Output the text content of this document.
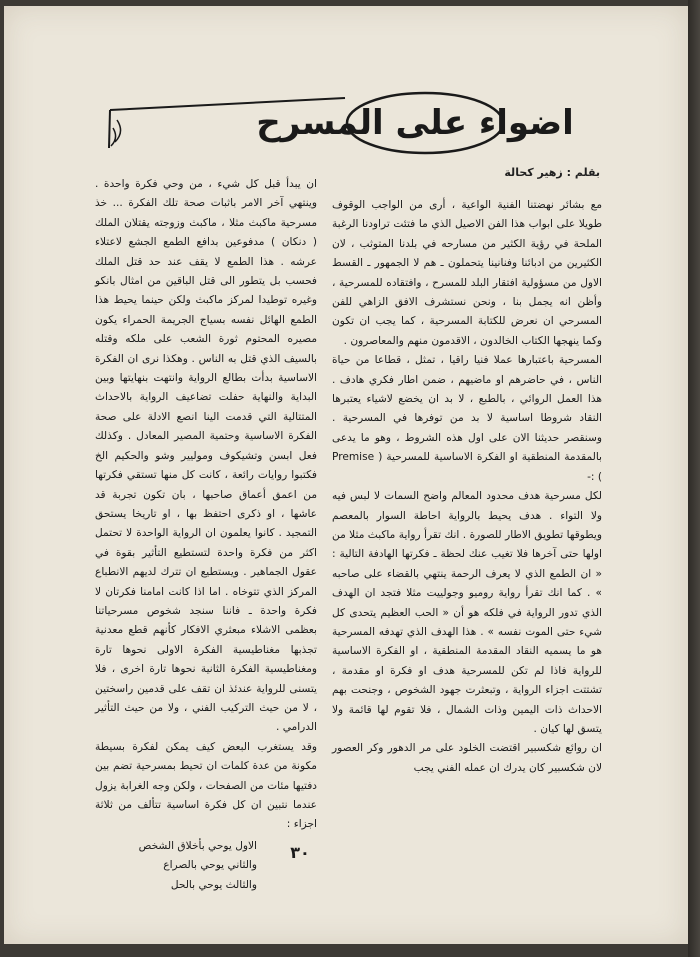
اضواء على المسرح
بقلم : زهير كحالة

مع بشائر نهضتنا الفنية الواعية ، أرى من الواجب الوقوف طويلا على ابواب هذا الفن الاصيل الذي ما فتئت تراودنا الرغبة الملحة في رؤية الكثير من مسارحه في بلدنا المتوثب ، لان الكثيرين من ادبائنا وفنانينا يتحملون ـ هم لا الجمهور ـ القسط الاول من مسؤولية افتقار البلد للمسرح ، وافتقاده للمسرحية ، وأظن انه يجمل بنا ، ونحن نستشرف الافق الزاهي للفن المسرحي ان نعرض للكتابة المسرحية ، كما يجب ان تكون وكما ينهجها الكتاب الخالدون ، الاقدمون منهم والمعاصرون .

المسرحية باعتبارها عملا فنيا راقيا ، تمثل ، قطاعا من حياة الناس ، في حاضرهم او ماضيهم ، ضمن اطار فكري هادف . هذا العمل الروائي ، بالطبع ، لا بد ان يخضع لاشياء يعتبرها النقاد شروطا اساسية لا بد من توفرها في المسرحية . وسنقصر حديثنا الان على اول هذه الشروط ، وهو ما يدعى بالمقدمة المنطقية او الفكرة الاساسية للمسرحية ( Premise ) :-

لكل مسرحية هدف محدود المعالم واضح السمات لا لبس فيه ولا التواء . هدف يحيط بالرواية احاطة السوار بالمعصم ويطوقها تطويق الاطار للصورة . انك تقرأ رواية ماكبث مثلا من اولها حتى آخرها فلا تغيب عنك لحظة ـ فكرتها الهادفة التالية : « ان الطمع الذي لا يعرف الرحمة ينتهي بالقضاء على صاحبه » . كما انك تقرأ رواية روميو وجولييت مثلا فتجد ان الهدف الذي تدور الرواية في فلكه هو أن « الحب العظيم يتحدى كل شيء حتى الموت نفسه » . هذا الهدف الذي تهدفه المسرحية هو ما يسميه النقاد المقدمة المنطقية ، او الفكرة الاساسية للرواية فاذا لم تكن للمسرحية هدف او فكرة او مقدمة ، تشتتت اجزاء الرواية ، وتبعثرت جهود الشخوص ، وجنحت بهم الاحداث ذات اليمين وذات الشمال ، فلا تقوم لها قائمة ولا يتسق لها كيان .

ان روائع شكسبير اقتضت الخلود على مر الدهور وكر العصور لان شكسبير كان يدرك ان عمله الفني يجب

ان يبدأ قبل كل شيء ، من وحي فكرة واحدة . وينتهي آخر الامر باثبات صحة تلك الفكرة ... خذ مسرحية ماكبث مثلا ، ماكبث وزوجته يقتلان الملك ( دنكان ) مدفوعين بدافع الطمع الجشع لاعتلاء عرشه . هذا الطمع لا يقف عند حد قتل الملك فحسب بل يتطور الى قتل الباقين من امثال بانكو وغيره توطيدا لمركز ماكبث ولكن حينما يحيط هذا الطمع الهائل نفسه بسياج الجريمة الحمراء يكون مصيره المحتوم ثورة الشعب على ملكه وقتله بالسيف الذي قتل به الناس . وهكذا نرى ان الفكرة الاساسية بدأت بطالع الرواية وانتهت بنهايتها وبين البداية والنهاية حفلت تضاعيف الرواية بالاحداث المتتالية التي قدمت الينا انصع الادلة على صحة الفكرة الاساسية وحتمية المصير المعادل . وكذلك فعل ابسن وتشيكوف وموليير وشو والحكيم الخ فكتبوا روايات رائعة ، كانت كل منها تستقي فكرتها من اعمق أعماق صاحبها ، بان تكون تجربة قد عاشها ، او ذكرى احتفظ بها ، او تاريخا يستحق التمجيد . كانوا يعلمون ان الرواية الواحدة لا تحتمل اكثر من فكرة واحدة لتستطيع التأثير بقوة في عقول الجماهير . ويستطيع ان تترك لديهم الانطباع المركز الذي تتوخاه . اما اذا كانت امامنا فكرتان لا فكرة واحدة ـ فاننا سنجد شخوص مسرحياتنا بعظمى الاشلاء مبعثري الافكار كأنهم قطع معدنية تجذبها مغناطيسية الفكرة الاولى نحوها تارة ومغناطيسية الفكرة الثانية نحوها تارة اخرى ، فلا يتسنى للرواية عندئذ ان تقف على قدمين راسختين ، لا من حيث التركيب الفني ، ولا من حيث التأثير الدرامي .

وقد يستغرب البعض كيف يمكن لفكرة بسيطة مكونة من عدة كلمات ان تحيط بمسرحية تضم بين دفتيها مئات من الصفحات ، ولكن وجه الغرابة يزول عندما نتبين ان كل فكرة اساسية تتألف من ثلاثة اجزاء :

الاول يوحي بأخلاق الشخص
والثاني يوحي بالصراع
والثالث يوحي بالحل
٣٠
